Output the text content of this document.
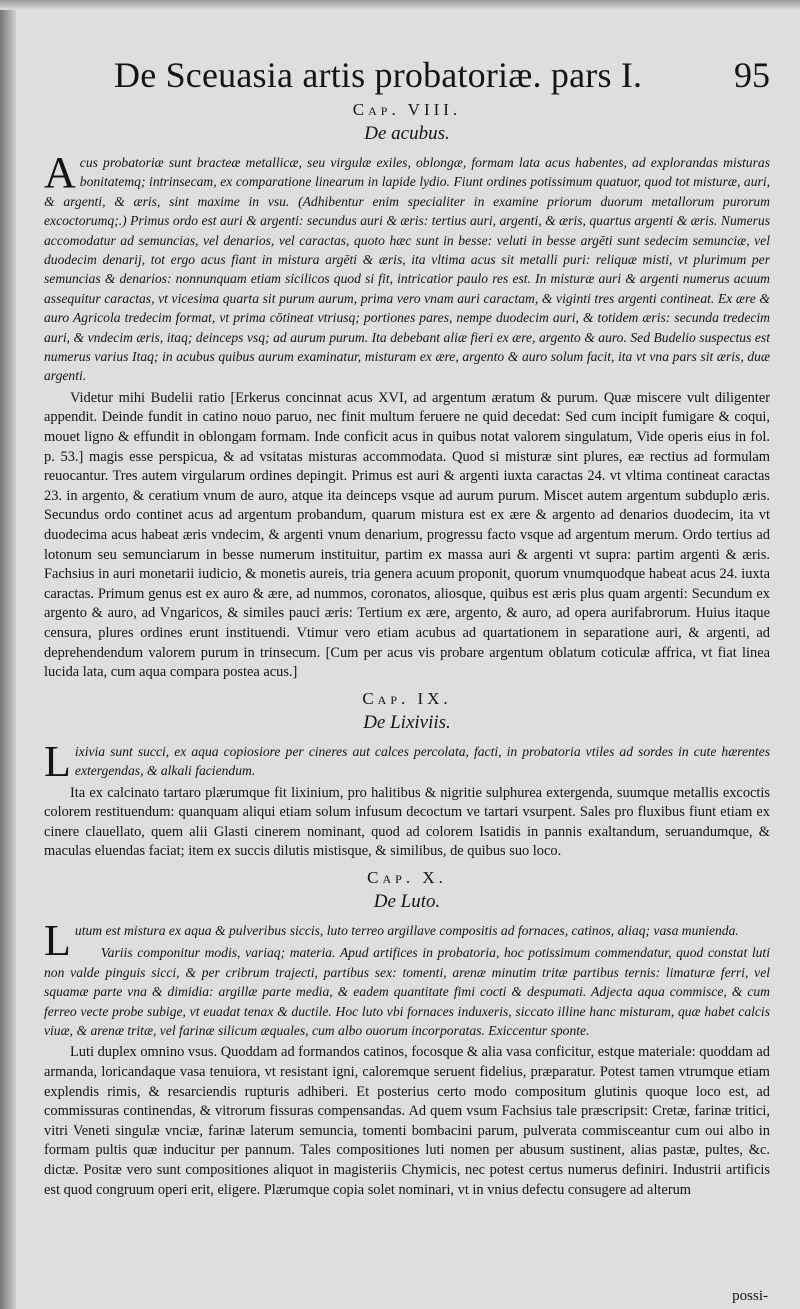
De Sceuasia artis probatoriæ. pars I.	95
Cap. VIII.
De acubus.

Acus probatoriæ sunt bracteæ metallicæ, seu virgulæ exiles, oblongæ, formam lata acus habentes, ad explorandas misturas bonitatemq; intrinsecam, ex comparatione linearum in lapide lydio. Fiunt ordines potissimum quatuor, quod tot misturæ, auri, & argenti, & æris, sint maxime in vsu. (Adhibentur enim specialiter in examine priorum duorum metallorum purorum excoctorumq;.) Primus ordo est auri & argenti: secundus auri & æris: tertius auri, argenti, & æris, quartus argenti & æris. Numerus accomodatur ad semuncias, vel denarios, vel caractas, quoto hæc sunt in besse: veluti in besse argēti sunt sedecim semunciæ, vel duodecim denarij, tot ergo acus fiant in mistura argēti & æris, ita vltima acus sit metalli puri: reliquæ misti, vt plurimum per semuncias & denarios: nonnunquam etiam sicilicos quod si fit, intricatior paulo res est. In misturæ auri & argenti numerus acuum assequitur caractas, vt vicesima quarta sit purum aurum, prima vero vnam auri caractam, & viginti tres argenti contineat. Ex ære & auro Agricola tredecim format, vt prima cōtineat vtriusq; portiones pares, nempe duodecim auri, & totidem æris: secunda tredecim auri, & vndecim æris, itaq; deinceps vsq; ad aurum purum. Ita debebant aliæ fieri ex ære, argento & auro. Sed Budelio suspectus est numerus varius Itaq; in acubus quibus aurum examinatur, misturam ex ære, argento & auro solum facit, ita vt vna pars sit æris, duæ argenti.

Videtur mihi Budelii ratio [Erkerus concinnat acus XVI, ad argentum æratum & purum. Quæ miscere vult diligenter appendit. Deinde fundit in catino nouo paruo, nec finit multum feruere ne quid decedat: Sed cum incipit fumigare & coqui, mouet ligno & effundit in oblongam formam. Inde conficit acus in quibus notat valorem singulatum, Vide operis eius in fol. p. 53.] magis esse perspicua, & ad vsitatas misturas accommodata. Quod si misturæ sint plures, eæ rectius ad formulam reuocantur. Tres autem virgularum ordines depingit. Primus est auri & argenti iuxta caractas 24. vt vltima contineat caractas 23. in argento, & ceratium vnum de auro, atque ita deinceps vsque ad aurum purum. Miscet autem argentum subduplo æris. Secundus ordo continet acus ad argentum probandum, quarum mistura est ex ære & argento ad denarios duodecim, ita vt duodecima acus habeat æris vndecim, & argenti vnum denarium, progressu facto vsque ad argentum merum. Ordo tertius ad lotonum seu semunciarum in besse numerum instituitur, partim ex massa auri & argenti vt supra: partim argenti & æris. Fachsius in auri monetarii iudicio, & monetis aureis, tria genera acuum proponit, quorum vnumquodque habeat acus 24. iuxta caractas. Primum genus est ex auro & ære, ad nummos, coronatos, aliosque, quibus est æris plus quam argenti: Secundum ex argento & auro, ad Vngaricos, & similes pauci æris: Tertium ex ære, argento, & auro, ad opera aurifabrorum. Huius itaque censura, plures ordines erunt instituendi. Vtimur vero etiam acubus ad quartationem in separatione auri, & argenti, ad deprehendendum valorem purum in trinsecum. [Cum per acus vis probare argentum oblatum coticulæ affrica, vt fiat linea lucida lata, cum aqua compara postea acus.]

Cap. IX.
De Lixiviis.

Lixivia sunt succi, ex aqua copiosiore per cineres aut calces percolata, facti, in probatoria vtiles ad sordes in cute hærentes extergendas, & alkali faciendum.

Ita ex calcinato tartaro plærumque fit lixinium, pro halitibus & nigritie sulphurea extergenda, suumque metallis excoctis colorem restituendum: quanquam aliqui etiam solum infusum decoctum ve tartari vsurpent. Sales pro fluxibus fiunt etiam ex cinere clauellato, quem alii Glasti cinerem nominant, quod ad colorem Isatidis in pannis exaltandum, seruandumque, & maculas eluendas faciat; item ex succis dilutis mistisque, & similibus, de quibus suo loco.

Cap. X.
De Luto.

Lutum est mistura ex aqua & pulveribus siccis, luto terreo argillave compositis ad fornaces, catinos, aliaq; vasa munienda.

Variis componitur modis, variaq; materia. Apud artifices in probatoria, hoc potissimum commendatur, quod constat luti non valde pinguis sicci, & per cribrum trajecti, partibus sex: tomenti, arenæ minutim tritæ partibus ternis: limaturæ ferri, vel squamæ parte vna & dimidia: argillæ parte media, & eadem quantitate fimi cocti & despumati. Adjecta aqua commisce, & cum ferreo vecte probe subige, vt euadat tenax & ductile. Hoc luto vbi fornaces induxeris, siccato illine hanc misturam, quæ habet calcis viuæ, & arenæ tritæ, vel farinæ silicum æquales, cum albo ouorum incorporatas. Exiccentur sponte.

Luti duplex omnino vsus. Quoddam ad formandos catinos, focosque & alia vasa conficitur, estque materiale: quoddam ad armanda, loricandaque vasa tenuiora, vt resistant igni, caloremque seruent fidelius, præparatur. Potest tamen vtrumque etiam explendis rimis, & resarciendis rupturis adhiberi. Et posterius certo modo compositum glutinis quoque loco est, ad commissuras continendas, & vitrorum fissuras compensandas. Ad quem vsum Fachsius tale præscripsit: Cretæ, farinæ tritici, vitri Veneti singulæ vnciæ, farinæ laterum semuncia, tomenti bombacini parum, pulverata commisceantur cum oui albo in formam pultis quæ inducitur per pannum. Tales compositiones luti nomen per abusum sustinent, alias pastæ, pultes, &c. dictæ. Positæ vero sunt compositiones aliquot in magisteriis Chymicis, nec potest certus numerus definiri. Industrii artificis est quod congruum operi erit, eligere. Plærumque copia solet nominari, vt in vnius defectu consugere ad alterum

possi-
